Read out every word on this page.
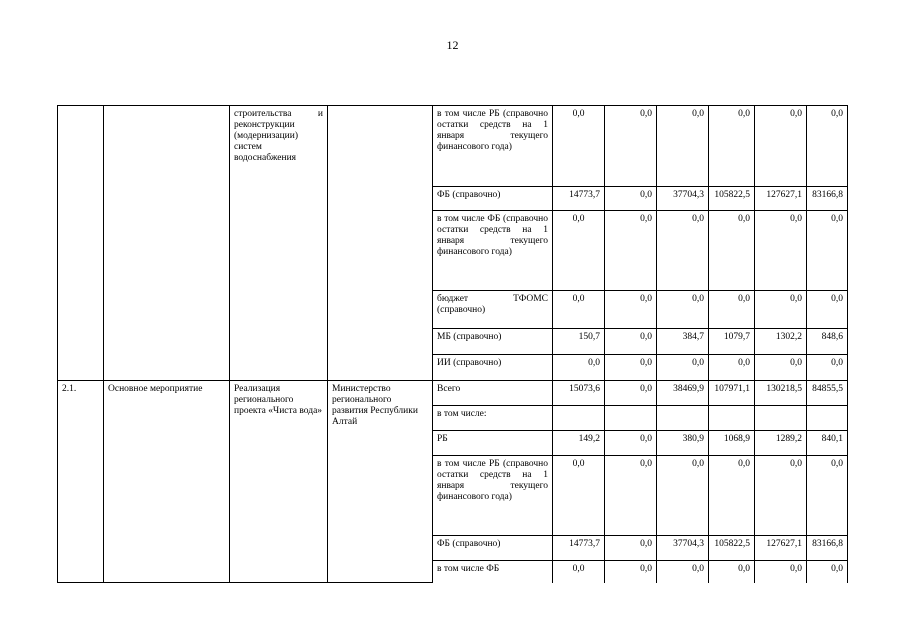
12
		строительства и реконструкции (модернизации) систем водоснабжения		в том числе РБ (справочно остатки средств на 1 января текущего финансового года)	0,0	0,0	0,0	0,0	0,0	0,0
				ФБ (справочно)	14773,7	0,0	37704,3	105822,5	127627,1	83166,8
				в том числе ФБ (справочно остатки средств на 1 января текущего финансового года)	0,0	0,0	0,0	0,0	0,0	0,0
				бюджет ТФОМС (справочно)	0,0	0,0	0,0	0,0	0,0	0,0
				МБ (справочно)	150,7	0,0	384,7	1079,7	1302,2	848,6
				ИИ (справочно)	0,0	0,0	0,0	0,0	0,0	0,0
2.1.	Основное мероприятие	Реализация регионального проекта «Чиста вода»	Министерство регионального развития Республики Алтай	Всего	15073,6	0,0	38469,9	107971,1	130218,5	84855,5
				в том числе:						
				РБ	149,2	0,0	380,9	1068,9	1289,2	840,1
				в том числе РБ (справочно остатки средств на 1 января текущего финансового года)	0,0	0,0	0,0	0,0	0,0	0,0
				ФБ (справочно)	14773,7	0,0	37704,3	105822,5	127627,1	83166,8
				в том числе ФБ	0,0	0,0	0,0	0,0	0,0	0,0
